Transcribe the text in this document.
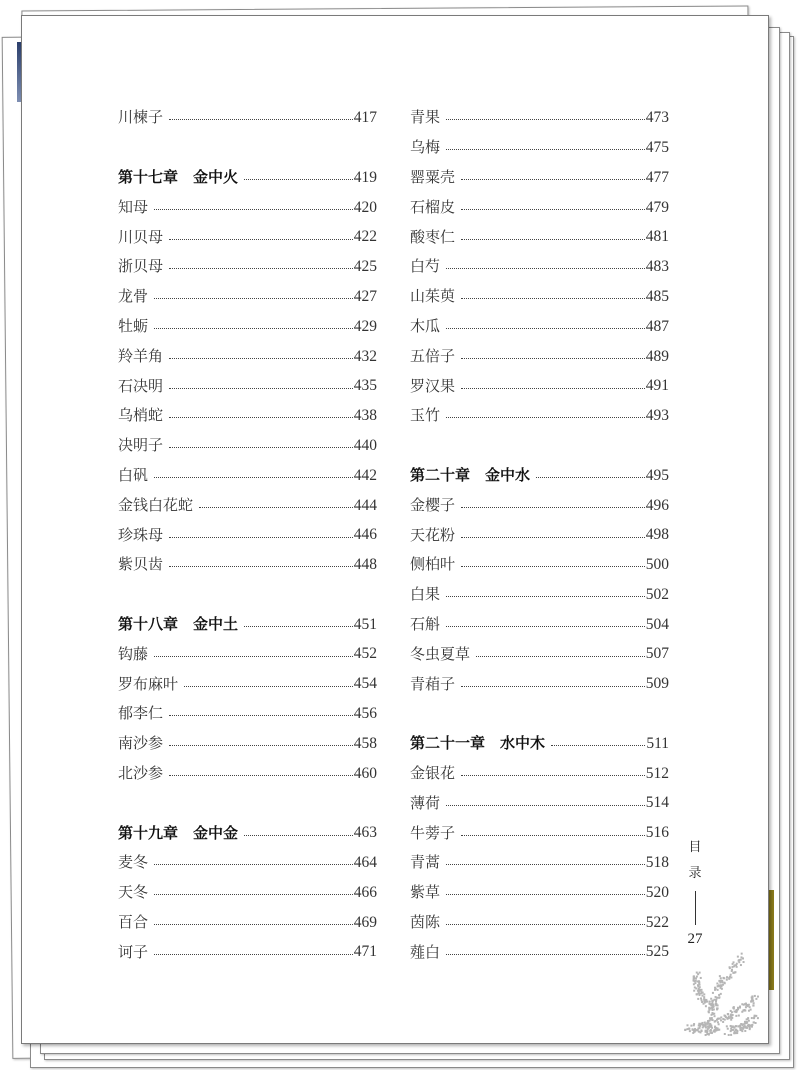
川楝子	417
第十七章　金中火	419
知母	420
川贝母	422
浙贝母	425
龙骨	427
牡蛎	429
羚羊角	432
石决明	435
乌梢蛇	438
决明子	440
白矾	442
金钱白花蛇	444
珍珠母	446
紫贝齿	448
第十八章　金中土	451
钩藤	452
罗布麻叶	454
郁李仁	456
南沙参	458
北沙参	460
第十九章　金中金	463
麦冬	464
天冬	466
百合	469
诃子	471
青果	473
乌梅	475
罂粟壳	477
石榴皮	479
酸枣仁	481
白芍	483
山茱萸	485
木瓜	487
五倍子	489
罗汉果	491
玉竹	493
第二十章　金中水	495
金樱子	496
天花粉	498
侧柏叶	500
白果	502
石斛	504
冬虫夏草	507
青葙子	509
第二十一章　水中木	511
金银花	512
薄荷	514
牛蒡子	516
青蒿	518
紫草	520
茵陈	522
薤白	525
目
录
27
